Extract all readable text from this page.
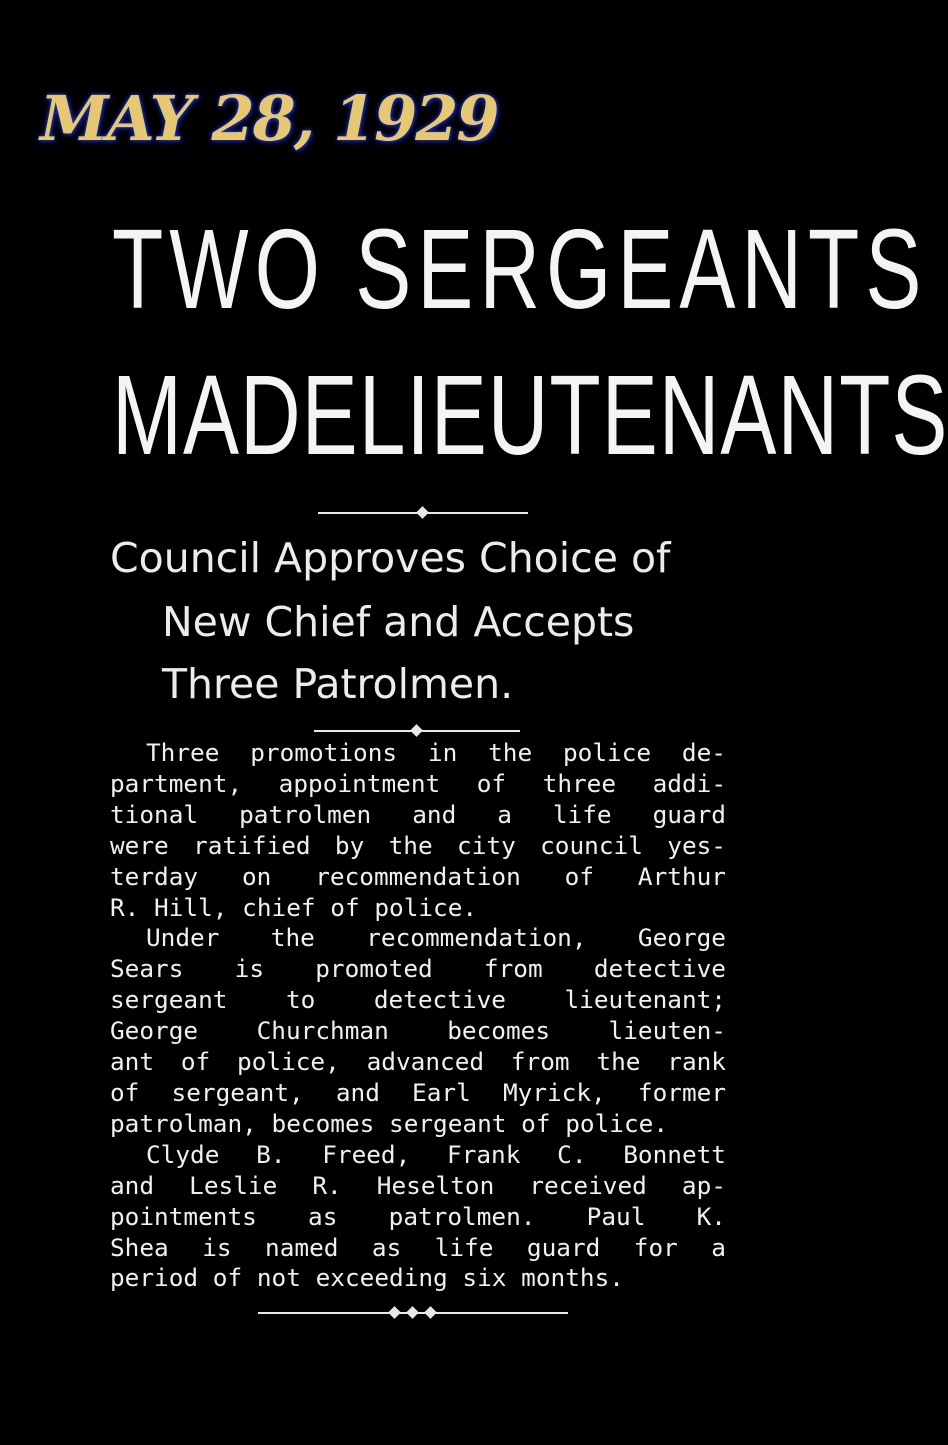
MAY 28, 1929
TWO SERGEANTS
MADELIEUTENANTS
Council Approves Choice of
New Chief and Accepts
Three Patrolmen.
Three promotions in the police de-
partment, appointment of three addi-
tional patrolmen and a life guard
were ratified by the city council yes-
terday on recommendation of Arthur
R. Hill, chief of police.
Under the recommendation, George
Sears is promoted from detective
sergeant to detective lieutenant;
George Churchman becomes lieuten-
ant of police, advanced from the rank
of sergeant, and Earl Myrick, former
patrolman, becomes sergeant of police.
Clyde B. Freed, Frank C. Bonnett
and Leslie R. Heselton received ap-
pointments as patrolmen. Paul K.
Shea is named as life guard for a
period of not exceeding six months.
